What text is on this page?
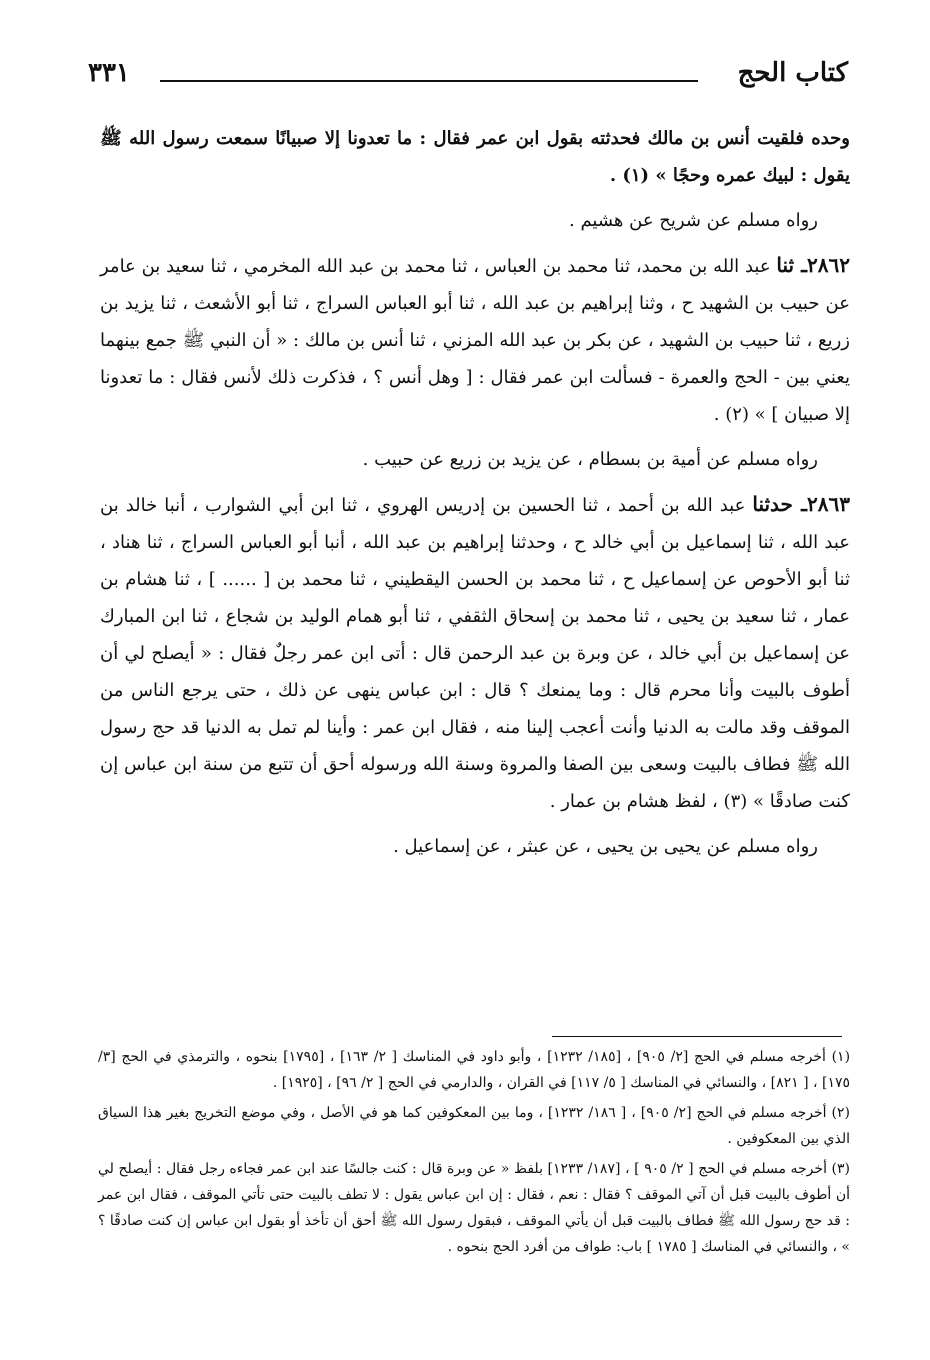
٣٣١	كتاب الحج

وحده فلقيت أنس بن مالك فحدثته بقول ابن عمر فقال : ما تعدونا إلا صبيانًا سمعت رسول الله ﷺ يقول : لبيك عمره وحجًا » (١) .

رواه مسلم عن شريح عن هشيم .

٢٨٦٢ـ ثنا عبد الله بن محمد، ثنا محمد بن العباس ، ثنا محمد بن عبد الله المخرمي ، ثنا سعيد بن عامر عن حبيب بن الشهيد ح ، وثنا إبراهيم بن عبد الله ، ثنا أبو العباس السراج ، ثنا أبو الأشعث ، ثنا يزيد بن زريع ، ثنا حبيب بن الشهيد ، عن بكر بن عبد الله المزني ، ثنا أنس بن مالك : « أن النبي ﷺ جمع بينهما يعني بين - الحج والعمرة - فسألت ابن عمر فقال : [ وهل أنس ؟ ، فذكرت ذلك لأنس فقال : ما تعدونا إلا صبيان ] » (٢) .

رواه مسلم عن أمية بن بسطام ، عن يزيد بن زريع عن حبيب .

٢٨٦٣ـ حدثنا عبد الله بن أحمد ، ثنا الحسين بن إدريس الهروي ، ثنا ابن أبي الشوارب ، أنبا خالد بن عبد الله ، ثنا إسماعيل بن أبي خالد ح ، وحدثنا إبراهيم بن عبد الله ، أنبا أبو العباس السراج ، ثنا هناد ، ثنا أبو الأحوص عن إسماعيل ح ، ثنا محمد بن الحسن اليقطيني ، ثنا محمد بن [ ...... ] ، ثنا هشام بن عمار ، ثنا سعيد بن يحيى ، ثنا محمد بن إسحاق الثقفي ، ثنا أبو همام الوليد بن شجاع ، ثنا ابن المبارك عن إسماعيل بن أبي خالد ، عن وبرة بن عبد الرحمن قال : أتى ابن عمر رجلٌ فقال : « أيصلح لي أن أطوف بالبيت وأنا محرم قال : وما يمنعك ؟ قال : ابن عباس ينهى عن ذلك ، حتى يرجع الناس من الموقف وقد مالت به الدنيا وأنت أعجب إلينا منه ، فقال ابن عمر : وأينا لم تمل به الدنيا قد حج رسول الله ﷺ فطاف بالبيت وسعى بين الصفا والمروة وسنة الله ورسوله أحق أن تتبع من سنة ابن عباس إن كنت صادقًا » (٣) ، لفظ هشام بن عمار .

رواه مسلم عن يحيى بن يحيى ، عن عبثر ، عن إسماعيل .

(١) أخرجه مسلم في الحج [٢/ ٩٠٥] ، [١٨٥/ ١٢٣٢] ، وأبو داود في المناسك [ ٢/ ١٦٣] ، [١٧٩٥] بنحوه ، والترمذي في الحج [٣/ ١٧٥] ، [ ٨٢١] ، والنسائي في المناسك [ ٥/ ١١٧] في القران ، والدارمي في الحج [ ٢/ ٩٦] ، [١٩٢٥] .

(٢) أخرجه مسلم في الحج [٢/ ٩٠٥] ، [ ١٨٦/ ١٢٣٢] ، وما بين المعكوفين كما هو في الأصل ، وفي موضع التخريج بغير هذا السياق الذي بين المعكوفين .

(٣) أخرجه مسلم في الحج [ ٢/ ٩٠٥ ] ، [١٨٧/ ١٢٣٣] بلفظ « عن وبرة قال : كنت جالسًا عند ابن عمر فجاءه رجل فقال : أيصلح لي أن أطوف بالبيت قبل أن آتي الموقف ؟ فقال : نعم ، فقال : إن ابن عباس يقول : لا تطف بالبيت حتى تأتي الموقف ، فقال ابن عمر : قد حج رسول الله ﷺ فطاف بالبيت قبل أن يأتي الموقف ، فبقول رسول الله ﷺ أحق أن تأخذ أو بقول ابن عباس إن كنت صادقًا ؟ » ، والنسائي في المناسك [ ١٧٨٥ ] باب: طواف من أفرد الحج بنحوه .
